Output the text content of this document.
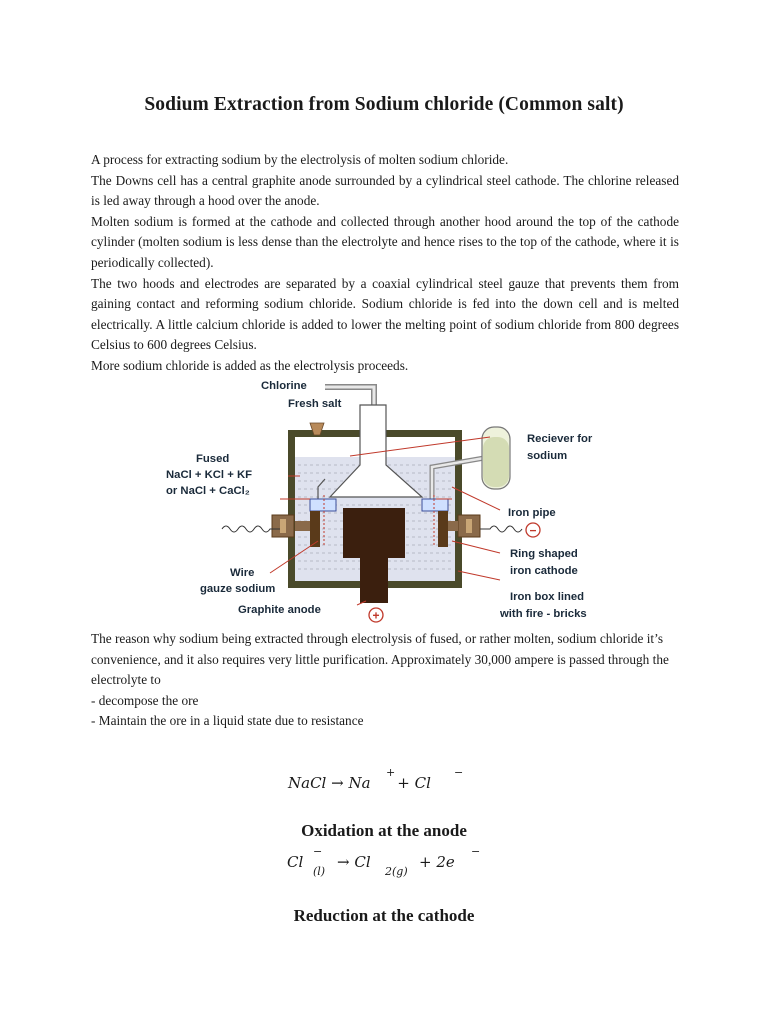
Sodium Extraction from Sodium chloride (Common salt)

A process for extracting sodium by the electrolysis of molten sodium chloride.

The Downs cell has a central graphite anode surrounded by a cylindrical steel cathode. The chlorine released is led away through a hood over the anode.

Molten sodium is formed at the cathode and collected through another hood around the top of the cathode cylinder (molten sodium is less dense than the electrolyte and hence rises to the top of the cathode, where it is periodically collected).

The two hoods and electrodes are separated by a coaxial cylindrical steel gauze that prevents them from gaining contact and reforming sodium chloride. Sodium chloride is fed into the down cell and is melted electrically. A little calcium chloride is added to lower the melting point of sodium chloride from 800 degrees Celsius to 600 degrees Celsius.

More sodium chloride is added as the electrolysis proceeds.

+
−
Chlorine
Fresh salt
Fused
NaCl + KCl + KF
or NaCl + CaCl₂
Wire
gauze sodium
Graphite anode
Reciever for
sodium
Iron pipe
Ring shaped
iron cathode
Iron box lined
with fire - bricks

The reason why sodium being extracted through electrolysis of fused, or rather molten, sodium chloride it’s convenience, and it also requires very little purification. Approximately 30,000 ampere is passed through the electrolyte to

- decompose the ore

- Maintain the ore in a liquid state due to resistance

NaCl → Na
+
+ Cl
−
Oxidation at the anode
Cl
−
(l)
→ Cl
2(g)
+ 2e
−
Reduction at the cathode
